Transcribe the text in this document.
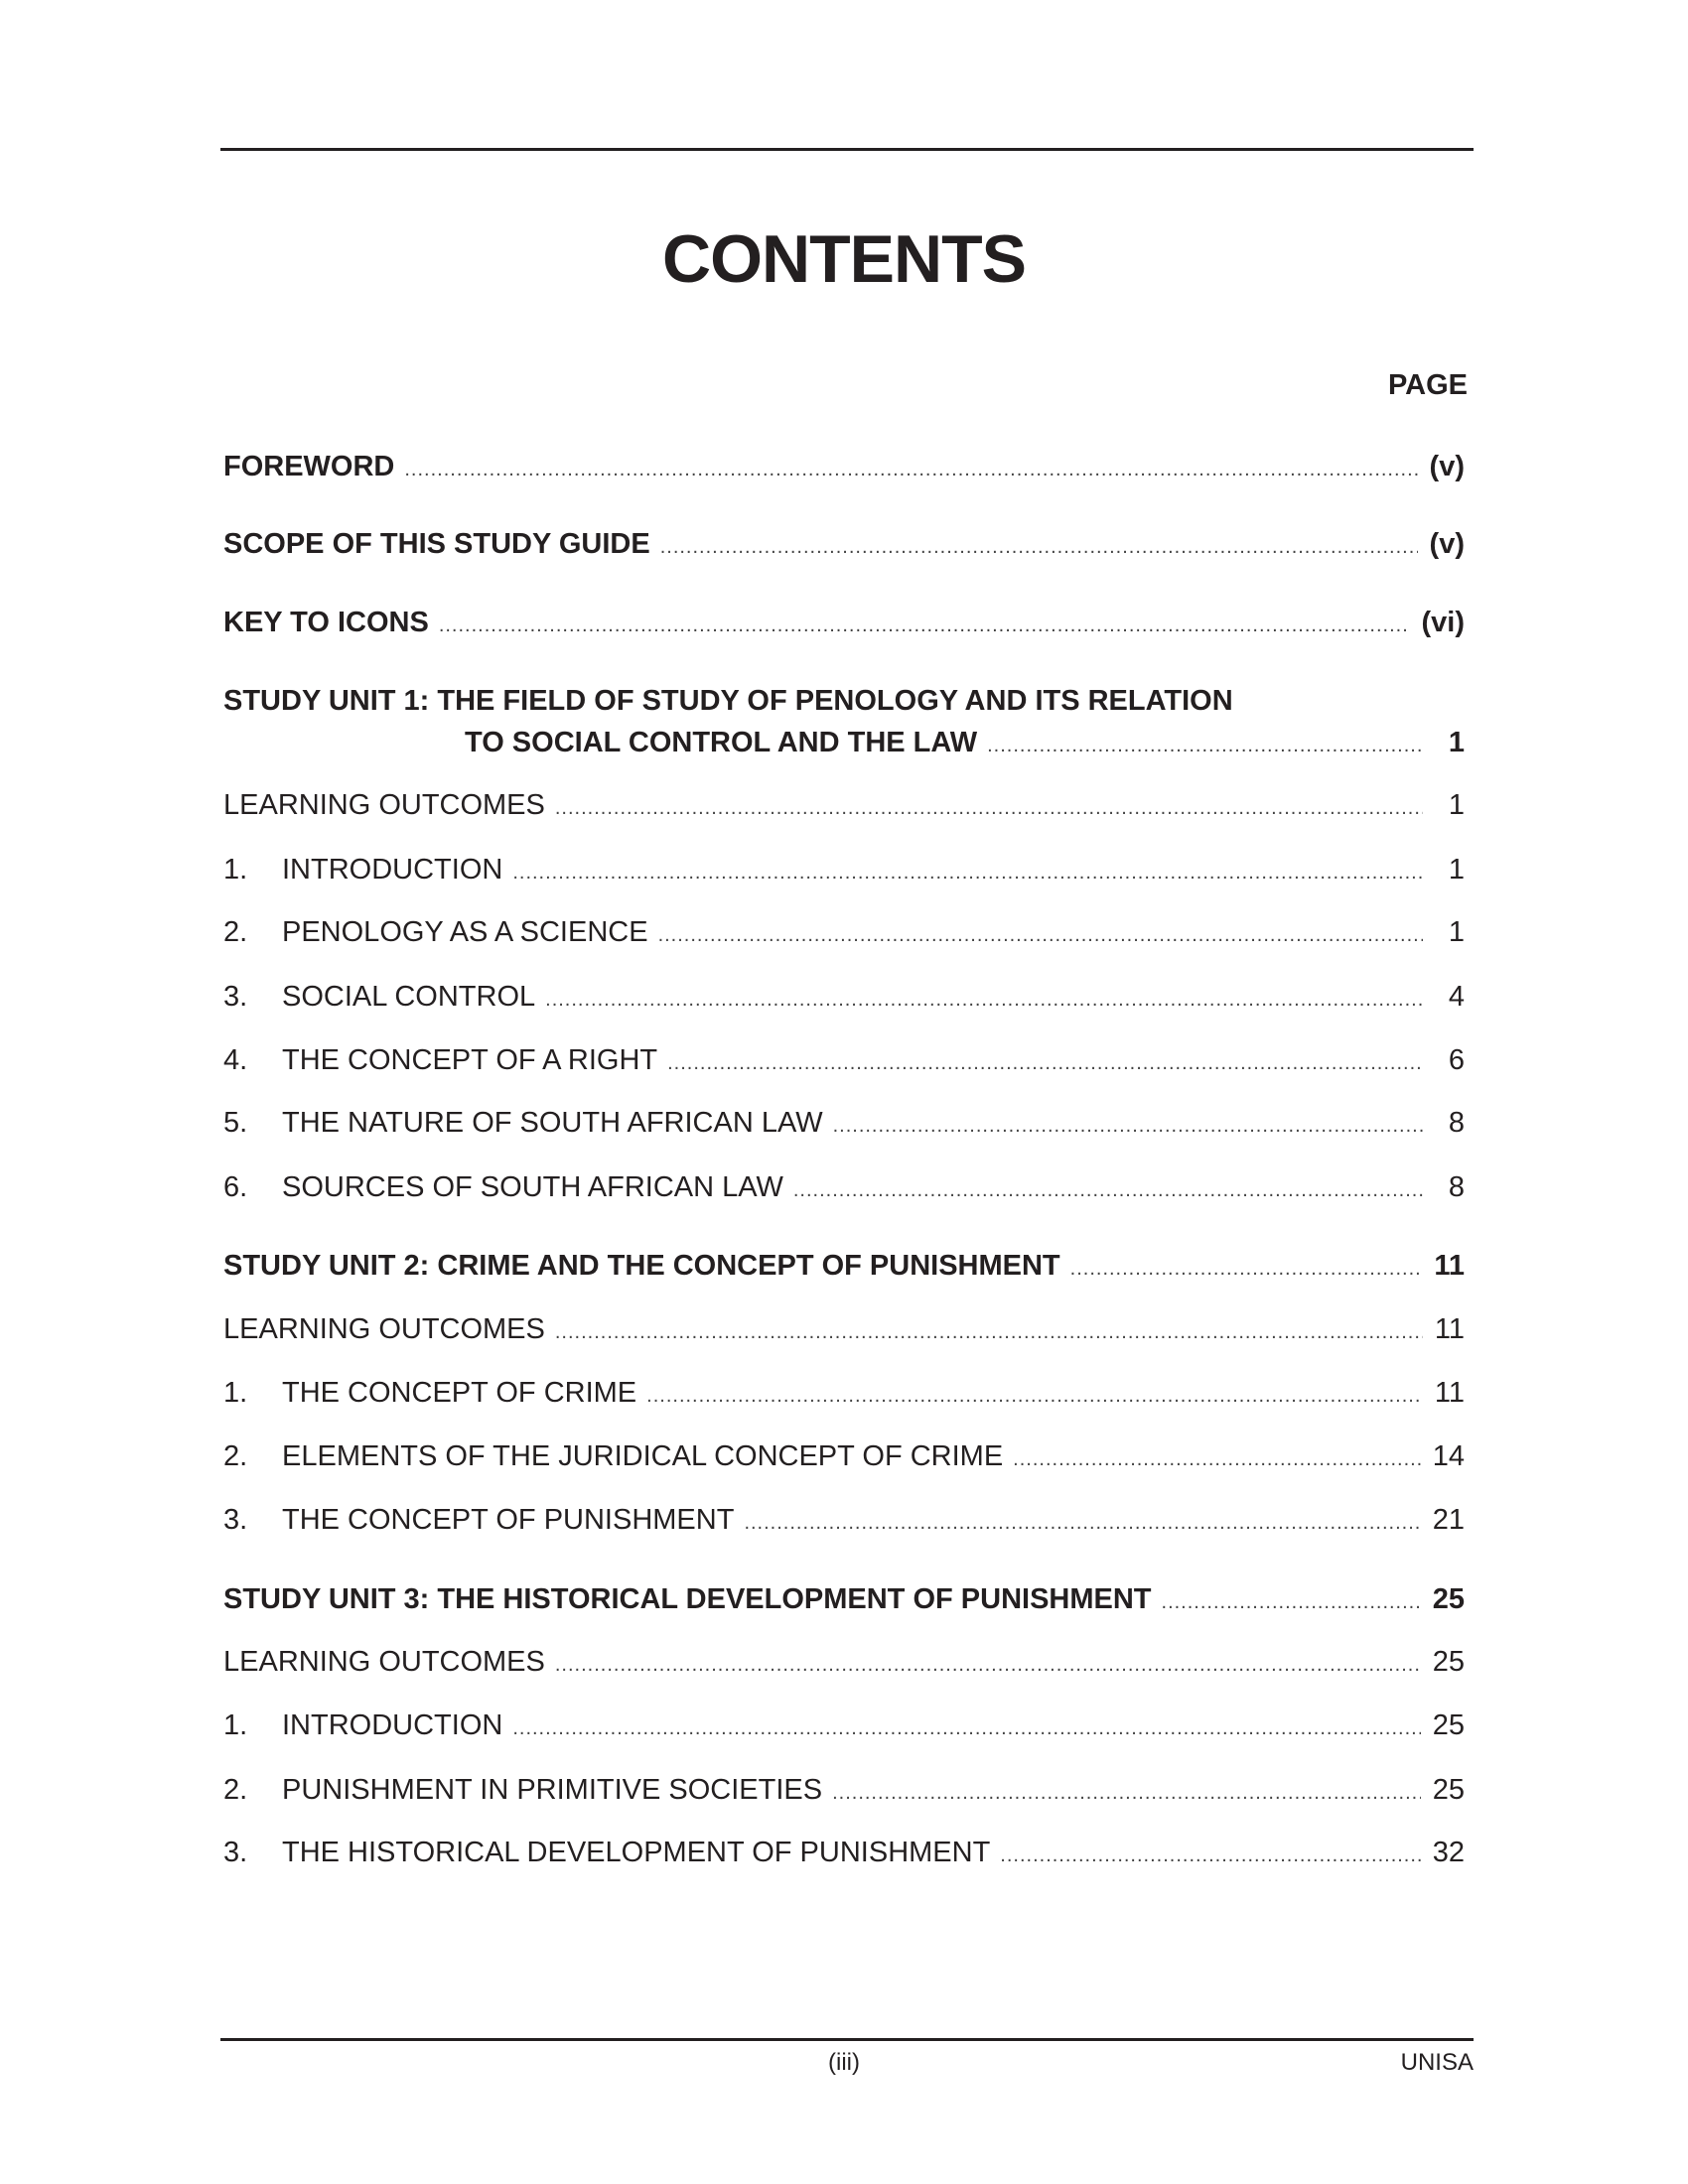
CONTENTS
PAGE
FOREWORD .....	(v)
SCOPE OF THIS STUDY GUIDE .....	(v)
KEY TO ICONS .....	(vi)
STUDY UNIT 1: THE FIELD OF STUDY OF PENOLOGY AND ITS RELATION
TO SOCIAL CONTROL AND THE LAW .....	1
LEARNING OUTCOMES .....	1
1.	INTRODUCTION .....	1
2.	PENOLOGY AS A SCIENCE .....	1
3.	SOCIAL CONTROL .....	4
4.	THE CONCEPT OF A RIGHT .....	6
5.	THE NATURE OF SOUTH AFRICAN LAW .....	8
6.	SOURCES OF SOUTH AFRICAN LAW .....	8
STUDY UNIT 2: CRIME AND THE CONCEPT OF PUNISHMENT .....	11
LEARNING OUTCOMES .....	11
1.	THE CONCEPT OF CRIME .....	11
2.	ELEMENTS OF THE JURIDICAL CONCEPT OF CRIME .....	14
3.	THE CONCEPT OF PUNISHMENT .....	21
STUDY UNIT 3: THE HISTORICAL DEVELOPMENT OF PUNISHMENT .....	25
LEARNING OUTCOMES .....	25
1.	INTRODUCTION .....	25
2.	PUNISHMENT IN PRIMITIVE SOCIETIES .....	25
3.	THE HISTORICAL DEVELOPMENT OF PUNISHMENT .....	32
(iii)	UNISA
